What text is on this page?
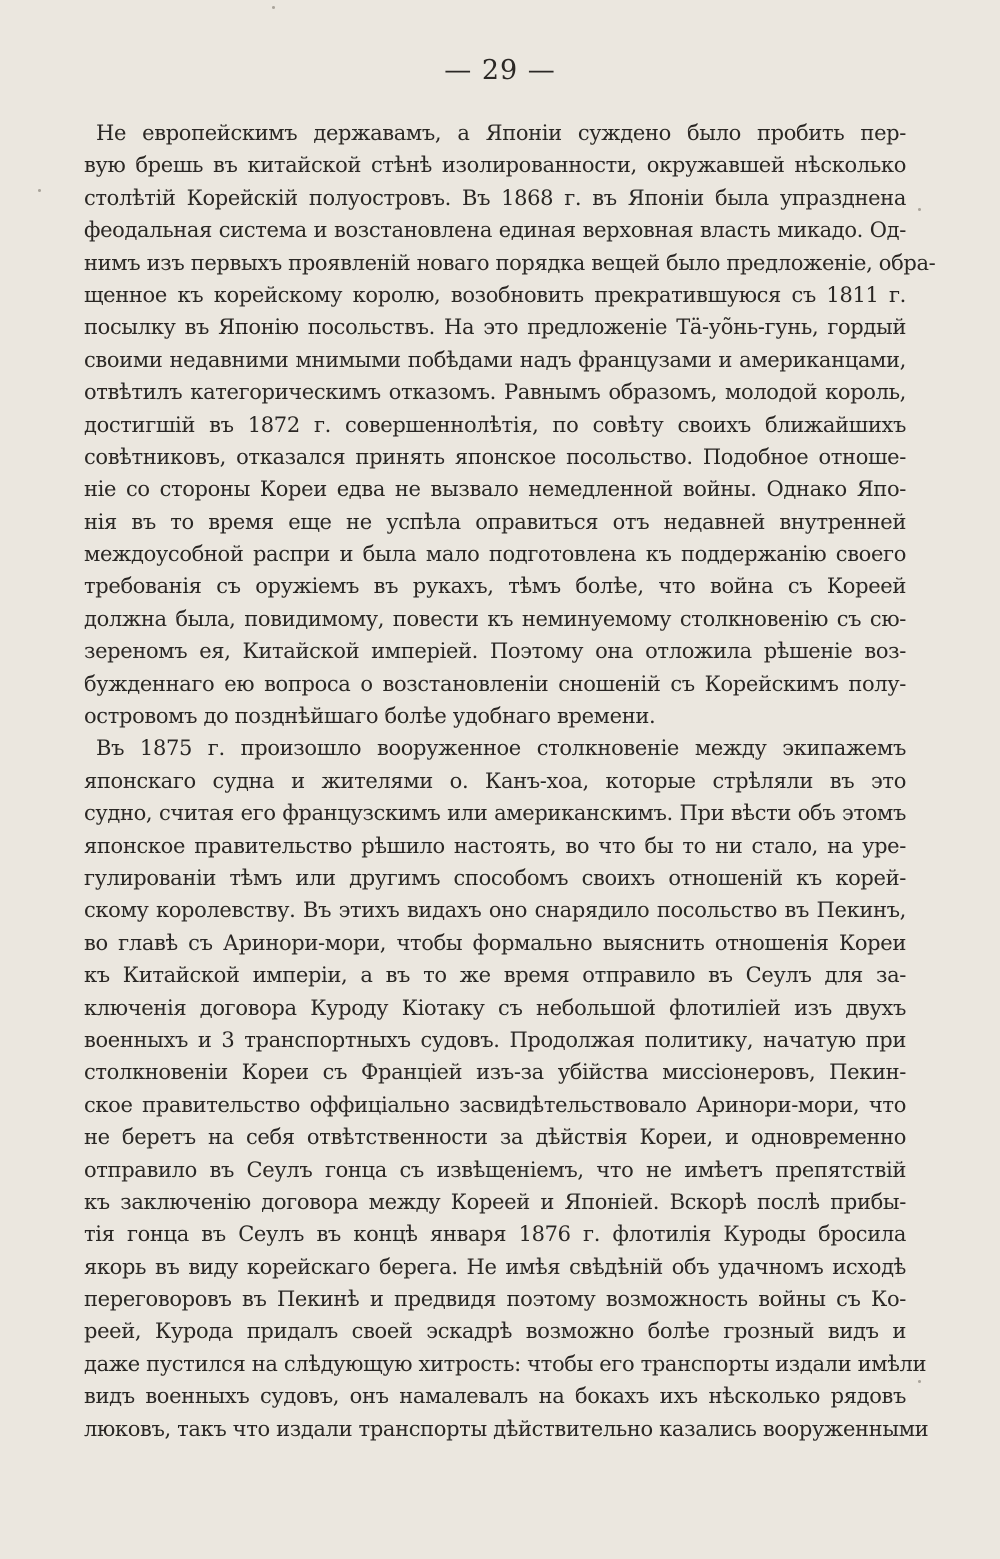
— 29 —
Не европейскимъ державамъ, а Японіи суждено было пробить пер-
вую брешь въ китайской стѣнѣ изолированности, окружавшей нѣсколько
столѣтій Корейскій полуостровъ. Въ 1868 г. въ Японіи была упразднена
феодальная система и возстановлена единая верховная власть микадо. Од-
нимъ изъ первыхъ проявленій новаго порядка вещей было предложеніе, обра-
щенное къ корейскому королю, возобновить прекратившуюся съ 1811 г.
посылку въ Японію посольствъ. На это предложеніе Тä-уõнь-гунь, гордый
своими недавними мнимыми побѣдами надъ французами и американцами,
отвѣтилъ категорическимъ отказомъ. Равнымъ образомъ, молодой король,
достигшій въ 1872 г. совершеннолѣтія, по совѣту своихъ ближайшихъ
совѣтниковъ, отказался принять японское посольство. Подобное отноше-
ніе со стороны Кореи едва не вызвало немедленной войны. Однако Япо-
нія въ то время еще не успѣла оправиться отъ недавней внутренней
междоусобной распри и была мало подготовлена къ поддержанію своего
требованія съ оружіемъ въ рукахъ, тѣмъ болѣе, что война съ Кореей
должна была, повидимому, повести къ неминуемому столкновенію съ сю-
зереномъ ея, Китайской имперіей. Поэтому она отложила рѣшеніе воз-
бужденнаго ею вопроса о возстановленіи сношеній съ Корейскимъ полу-
островомъ до позднѣйшаго болѣе удобнаго времени.
Въ 1875 г. произошло вооруженное столкновеніе между экипажемъ
японскаго судна и жителями о. Канъ-хоа, которые стрѣляли въ это
судно, считая его французскимъ или американскимъ. При вѣсти объ этомъ
японское правительство рѣшило настоять, во что бы то ни стало, на уре-
гулированіи тѣмъ или другимъ способомъ своихъ отношеній къ корей-
скому королевству. Въ этихъ видахъ оно снарядило посольство въ Пекинъ,
во главѣ съ Аринори-мори, чтобы формально выяснить отношенія Кореи
къ Китайской имперіи, а въ то же время отправило въ Сеулъ для за-
ключенія договора Куроду Кіотаку съ небольшой флотиліей изъ двухъ
военныхъ и 3 транспортныхъ судовъ. Продолжая политику, начатую при
столкновеніи Кореи съ Франціей изъ-за убійства миссіонеровъ, Пекин-
ское правительство оффиціально засвидѣтельствовало Аринори-мори, что
не беретъ на себя отвѣтственности за дѣйствія Кореи, и одновременно
отправило въ Сеулъ гонца съ извѣщеніемъ, что не имѣетъ препятствій
къ заключенію договора между Кореей и Японіей. Вскорѣ послѣ прибы-
тія гонца въ Сеулъ въ концѣ января 1876 г. флотилія Куроды бросила
якорь въ виду корейскаго берега. Не имѣя свѣдѣній объ удачномъ исходѣ
переговоровъ въ Пекинѣ и предвидя поэтому возможность войны съ Ко-
реей, Курода придалъ своей эскадрѣ возможно болѣе грозный видъ и
даже пустился на слѣдующую хитрость: чтобы его транспорты издали имѣли
видъ военныхъ судовъ, онъ намалевалъ на бокахъ ихъ нѣсколько рядовъ
люковъ, такъ что издали транспорты дѣйствительно казались вооруженными
